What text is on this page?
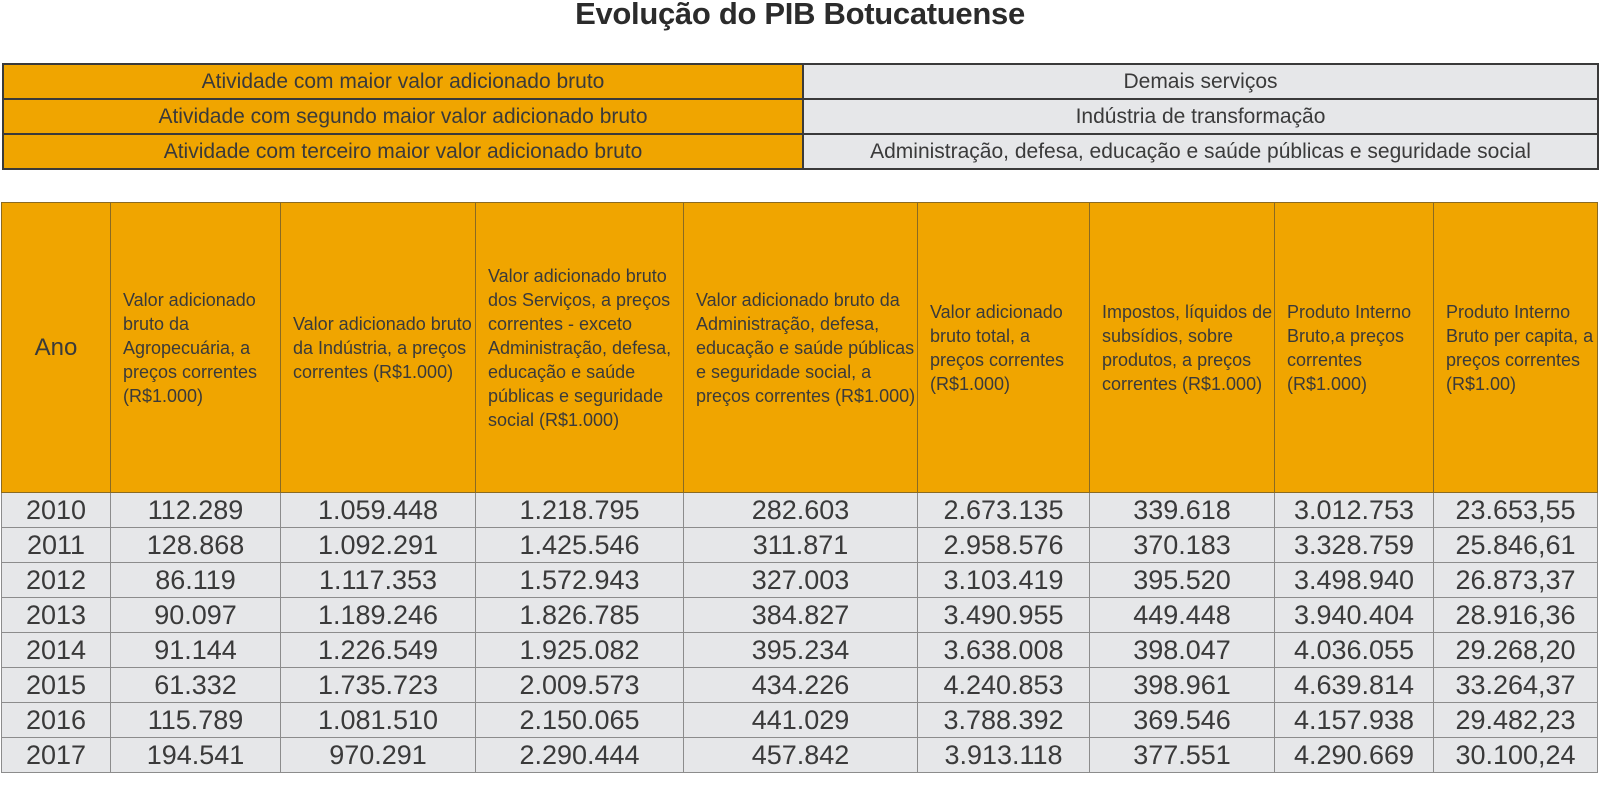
Evolução do PIB Botucatuense
Atividade com maior valor adicionado bruto	Demais serviços
Atividade com segundo maior valor adicionado bruto	Indústria de transformação
Atividade com terceiro maior valor adicionado bruto	Administração, defesa, educação e saúde públicas e seguridade social
Ano	Valor adicionado bruto da Agropecuária, a preços correntes (R$1.000)	Valor adicionado bruto da Indústria, a preços correntes (R$1.000)	Valor adicionado bruto dos Serviços, a preços correntes - exceto Administração, defesa, educação e saúde públicas e seguridade social (R$1.000)	Valor adicionado bruto da Administração, defesa, educação e saúde públicas e seguridade social, a preços correntes (R$1.000)	Valor adicionado bruto total, a preços correntes (R$1.000)	Impostos, líquidos de subsídios, sobre produtos, a preços correntes (R$1.000)	Produto Interno Bruto,a preços correntes (R$1.000)	Produto Interno Bruto per capita, a preços correntes (R$1.00)
2010	112.289	1.059.448	1.218.795	282.603	2.673.135	339.618	3.012.753	23.653,55
2011	128.868	1.092.291	1.425.546	311.871	2.958.576	370.183	3.328.759	25.846,61
2012	86.119	1.117.353	1.572.943	327.003	3.103.419	395.520	3.498.940	26.873,37
2013	90.097	1.189.246	1.826.785	384.827	3.490.955	449.448	3.940.404	28.916,36
2014	91.144	1.226.549	1.925.082	395.234	3.638.008	398.047	4.036.055	29.268,20
2015	61.332	1.735.723	2.009.573	434.226	4.240.853	398.961	4.639.814	33.264,37
2016	115.789	1.081.510	2.150.065	441.029	3.788.392	369.546	4.157.938	29.482,23
2017	194.541	970.291	2.290.444	457.842	3.913.118	377.551	4.290.669	30.100,24
